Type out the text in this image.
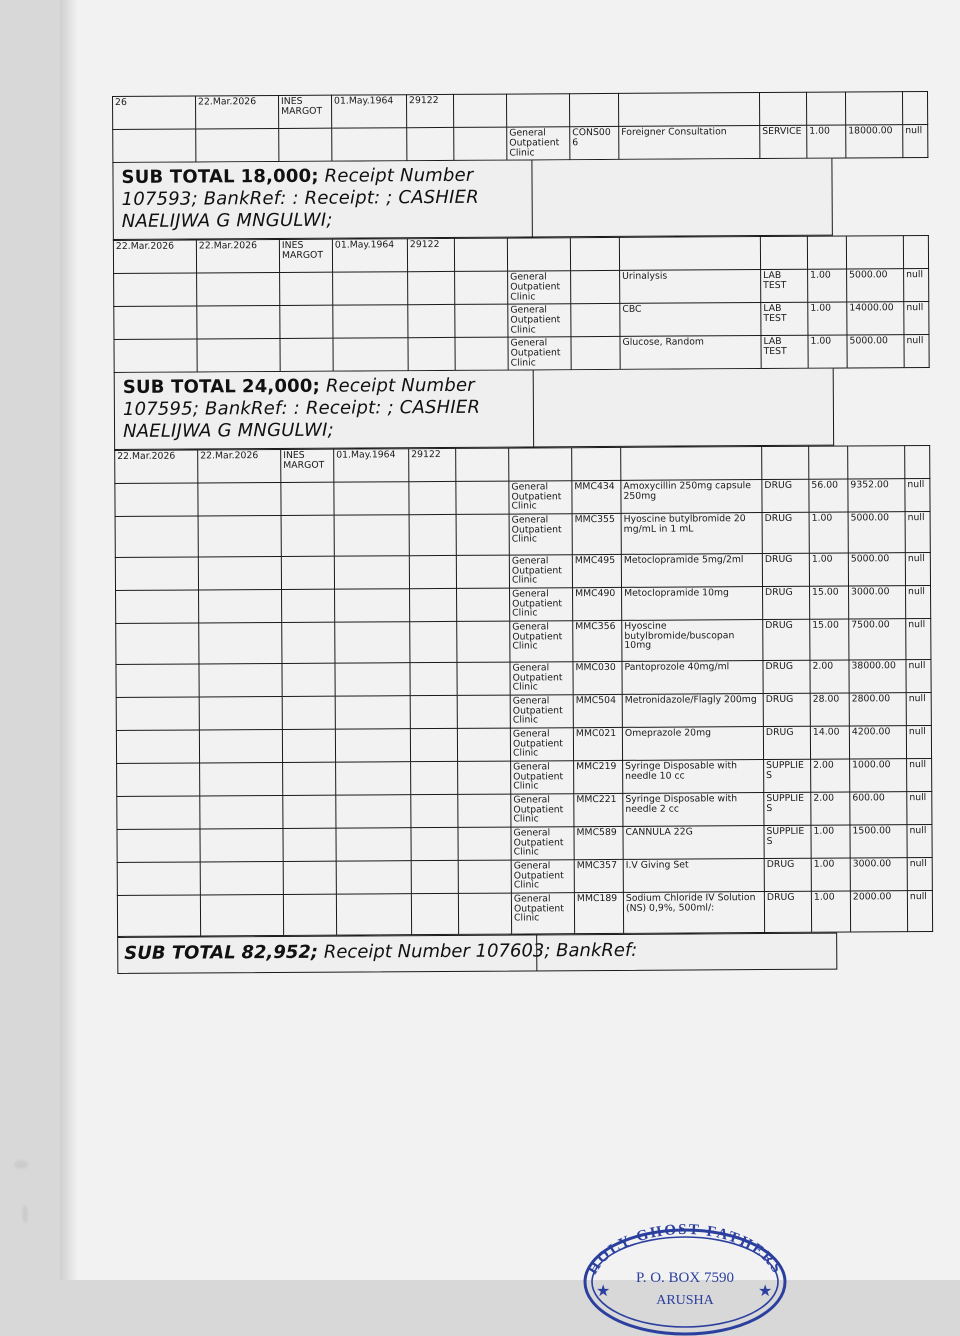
26	22.Mar.2026	INES MARGOT	01.May.1964	29122								
						General Outpatient Clinic	CONS006	Foreigner Consultation	SERVICE	1.00	18000.00	null
SUB TOTAL 18,000; Receipt Number
107593; BankRef: : Receipt: ; CASHIER
NAELIJWA G MNGULWI;
22.Mar.2026	22.Mar.2026	INES MARGOT	01.May.1964	29122								
						General Outpatient Clinic		Urinalysis	LAB TEST	1.00	5000.00	null
						General Outpatient Clinic		CBC	LAB TEST	1.00	14000.00	null
						General Outpatient Clinic		Glucose, Random	LAB TEST	1.00	5000.00	null
SUB TOTAL 24,000; Receipt Number
107595; BankRef: : Receipt: ; CASHIER
NAELIJWA G MNGULWI;
22.Mar.2026	22.Mar.2026	INES MARGOT	01.May.1964	29122								
						General Outpatient Clinic	MMC434	Amoxycillin 250mg capsule 250mg	DRUG	56.00	9352.00	null
						General Outpatient Clinic	MMC355	Hyoscine butylbromide 20 mg/mL in 1 mL	DRUG	1.00	5000.00	null
						General Outpatient Clinic	MMC495	Metoclopramide 5mg/2ml	DRUG	1.00	5000.00	null
						General Outpatient Clinic	MMC490	Metoclopramide 10mg	DRUG	15.00	3000.00	null
						General Outpatient Clinic	MMC356	Hyoscine butylbromide/buscopan 10mg	DRUG	15.00	7500.00	null
						General Outpatient Clinic	MMC030	Pantoprozole 40mg/ml	DRUG	2.00	38000.00	null
						General Outpatient Clinic	MMC504	Metronidazole/Flagly 200mg	DRUG	28.00	2800.00	null
						General Outpatient Clinic	MMC021	Omeprazole 20mg	DRUG	14.00	4200.00	null
						General Outpatient Clinic	MMC219	Syringe Disposable with needle 10 cc	SUPPLIES	2.00	1000.00	null
						General Outpatient Clinic	MMC221	Syringe Disposable with needle 2 cc	SUPPLIES	2.00	600.00	null
						General Outpatient Clinic	MMC589	CANNULA 22G	SUPPLIES	1.00	1500.00	null
						General Outpatient Clinic	MMC357	I.V Giving Set	DRUG	1.00	3000.00	null
						General Outpatient Clinic	MMC189	Sodium Chloride IV Solution (NS) 0,9%, 500ml/:	DRUG	1.00	2000.00	null
SUB TOTAL 82,952; Receipt Number 107603; BankRef:
HOLY GHOST FATHERS
P. O. BOX 7590
ARUSHA
★	★
